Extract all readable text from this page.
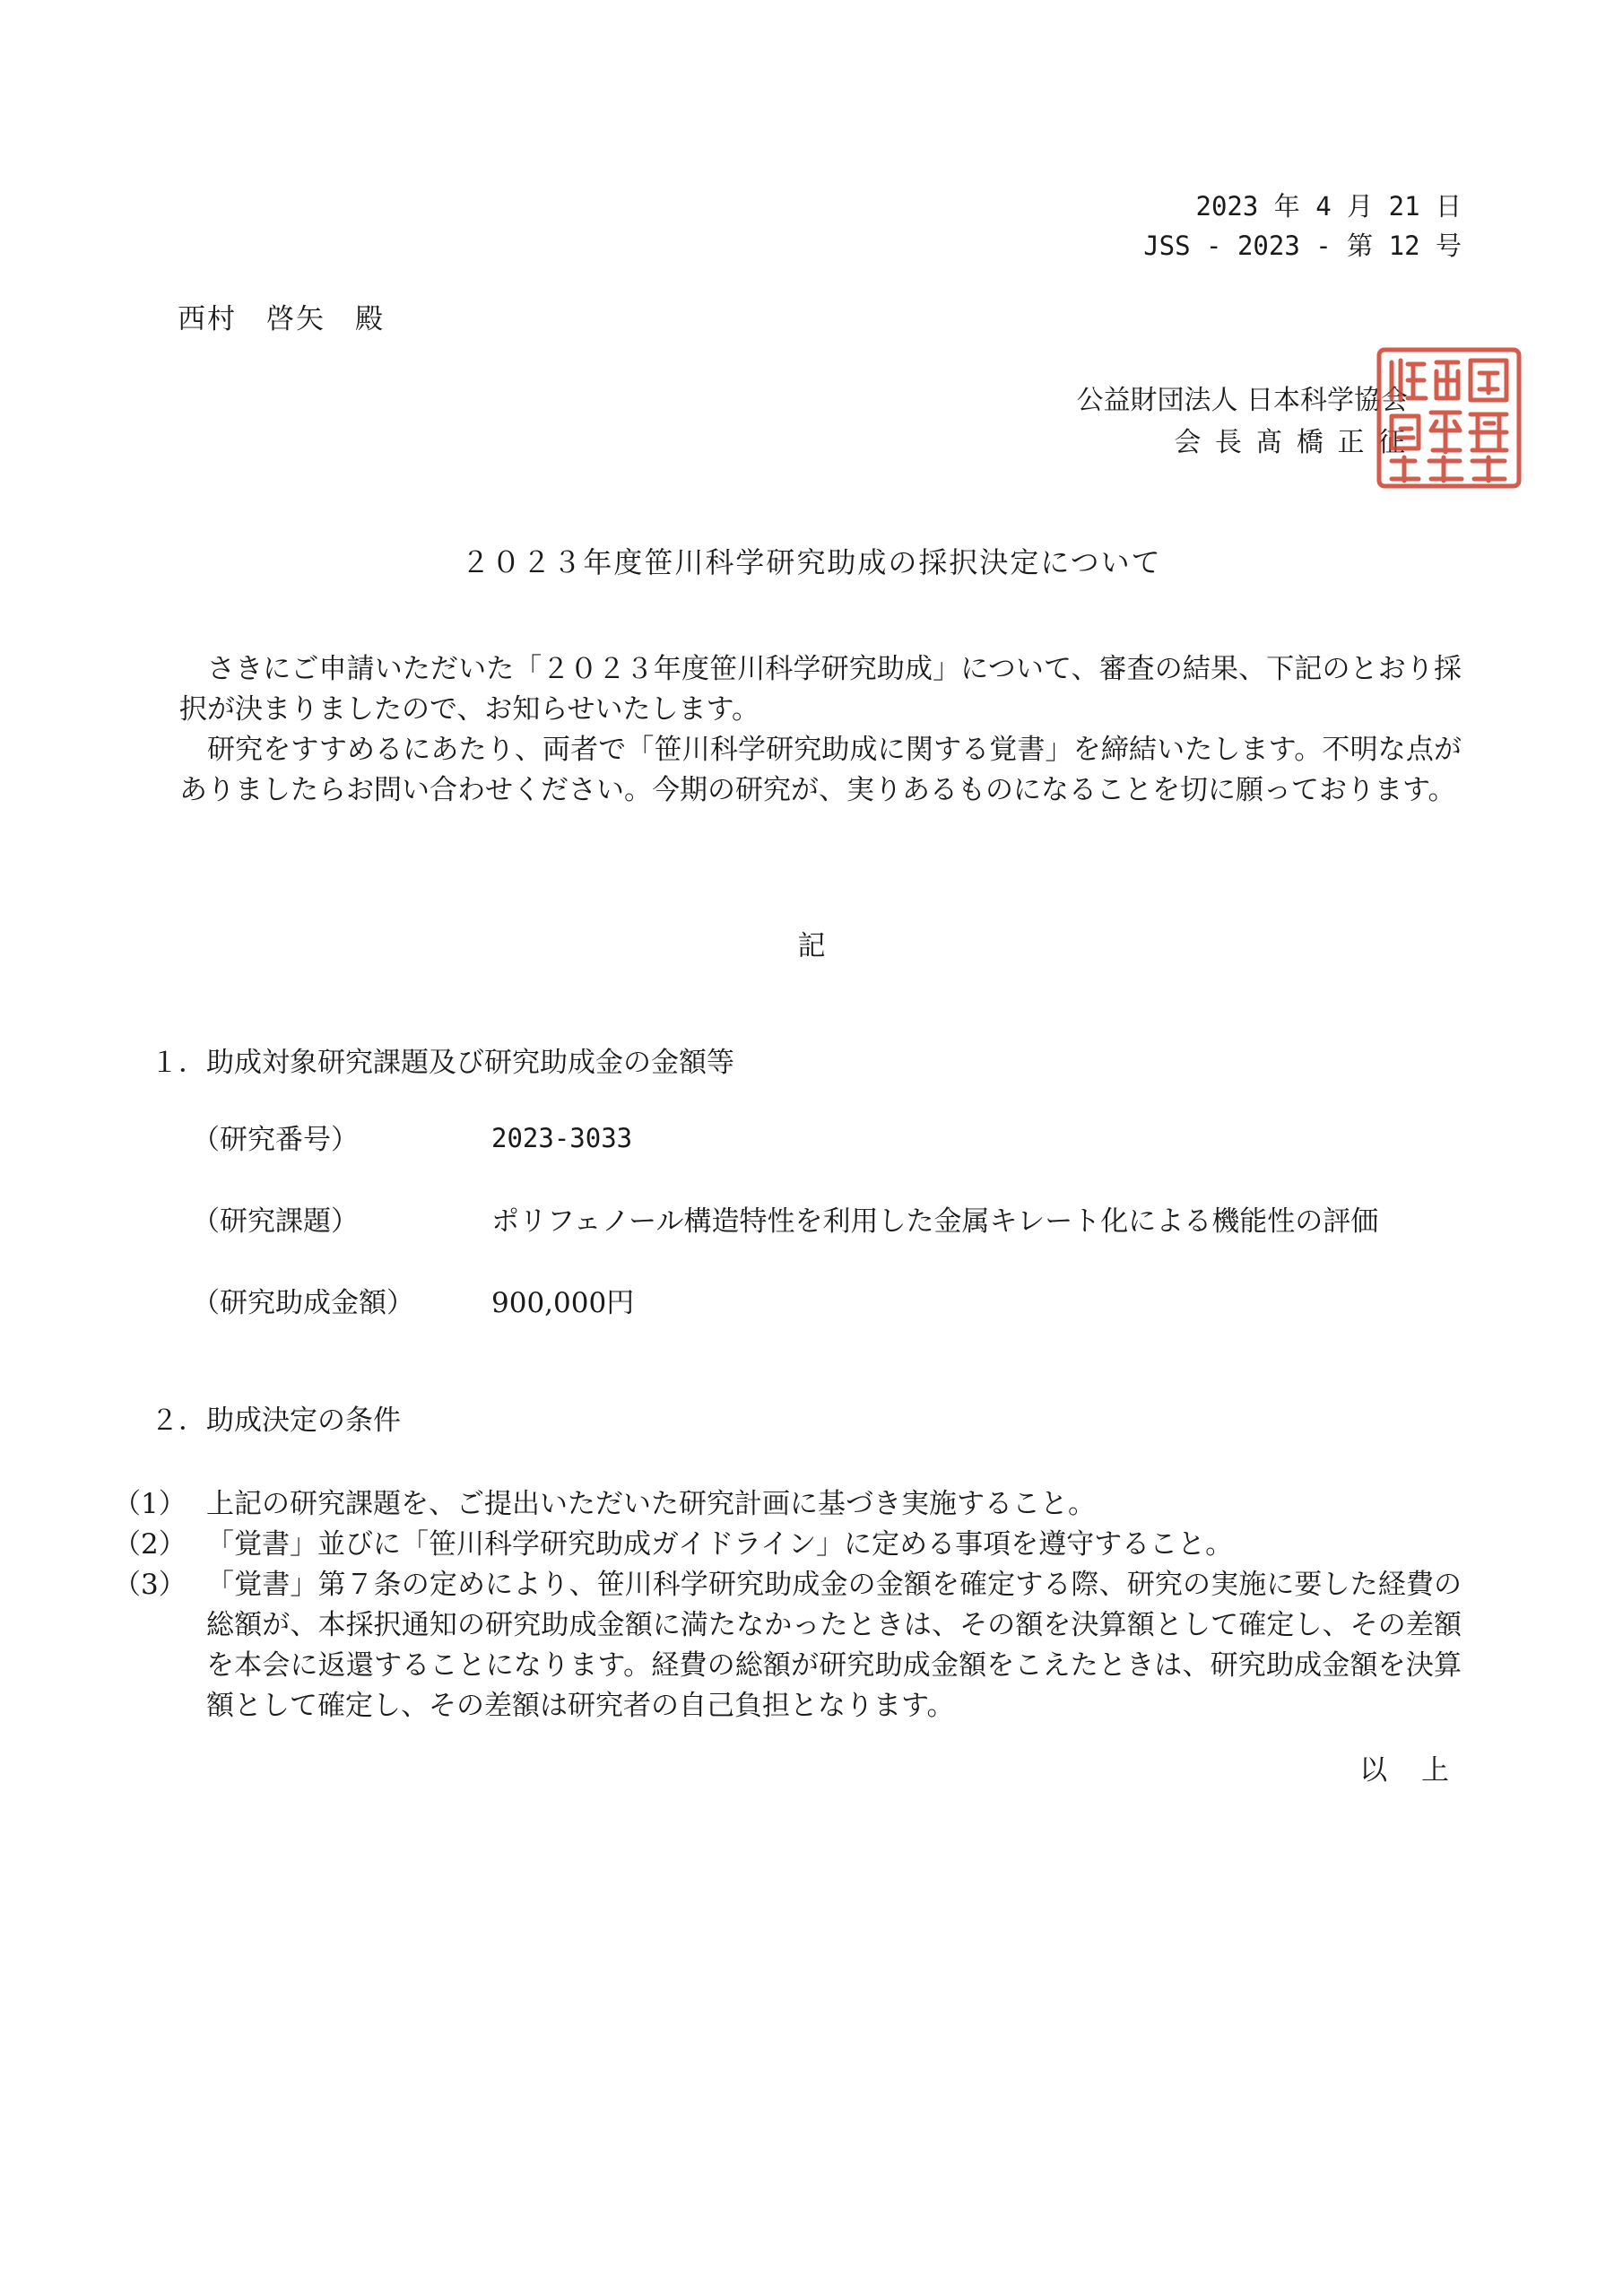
2023 年 4 月 21 日
JSS - 2023 - 第 12 号
西村　啓矢　殿
公益財団法人 日本科学協会
会 長 髙 橋 正 征
２０２３年度笹川科学研究助成の採択決定について

さきにご申請いただいた「２０２３年度笹川科学研究助成」について、審査の結果、下記のとおり採択が決まりましたので、お知らせいたします。

研究をすすめるにあたり、両者で「笹川科学研究助成に関する覚書」を締結いたします。不明な点がありましたらお問い合わせください。今期の研究が、実りあるものになることを切に願っております。

記
１．助成対象研究課題及び研究助成金の金額等
（研究番号）	2023-3033
（研究課題）	ポリフェノール構造特性を利用した金属キレート化による機能性の評価
（研究助成金額）	900,000円
２．助成決定の条件
（1） 上記の研究課題を、ご提出いただいた研究計画に基づき実施すること。
（2） 「覚書」並びに「笹川科学研究助成ガイドライン」に定める事項を遵守すること。
（3） 「覚書」第７条の定めにより、笹川科学研究助成金の金額を確定する際、研究の実施に要した経費の総額が、本採択通知の研究助成金額に満たなかったときは、その額を決算額として確定し、その差額を本会に返還することになります。経費の総額が研究助成金額をこえたときは、研究助成金額を決算額として確定し、その差額は研究者の自己負担となります。
以 上
